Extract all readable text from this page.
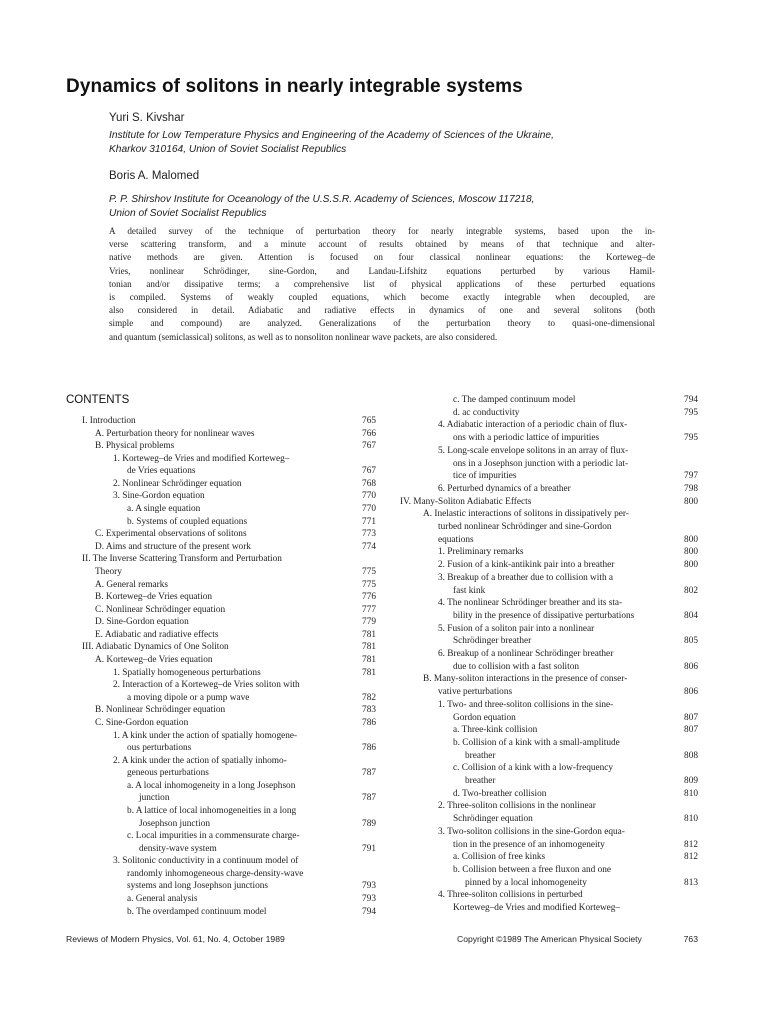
Dynamics of solitons in nearly integrable systems
Yuri S. Kivshar
Institute for Low Temperature Physics and Engineering of the Academy of Sciences of the Ukraine,
Kharkov 310164, Union of Soviet Socialist Republics
Boris A. Malomed
P. P. Shirshov Institute for Oceanology of the U.S.S.R. Academy of Sciences, Moscow 117218,
Union of Soviet Socialist Republics
A detailed survey of the technique of perturbation theory for nearly integrable systems, based upon the in-
verse scattering transform, and a minute account of results obtained by means of that technique and alter-
native methods are given. Attention is focused on four classical nonlinear equations: the Korteweg–de
Vries, nonlinear Schrödinger, sine-Gordon, and Landau-Lifshitz equations perturbed by various Hamil-
tonian and/or dissipative terms; a comprehensive list of physical applications of these perturbed equations
is compiled. Systems of weakly coupled equations, which become exactly integrable when decoupled, are
also considered in detail. Adiabatic and radiative effects in dynamics of one and several solitons (both
simple and compound) are analyzed. Generalizations of the perturbation theory to quasi-one-dimensional
and quantum (semiclassical) solitons, as well as to nonsoliton nonlinear wave packets, are also considered.
CONTENTS
I. Introduction	765
A. Perturbation theory for nonlinear waves	766
B. Physical problems	767
1. Korteweg–de Vries and modified Korteweg–
de Vries equations	767
2. Nonlinear Schrödinger equation	768
3. Sine-Gordon equation	770
a. A single equation	770
b. Systems of coupled equations	771
C. Experimental observations of solitons	773
D. Aims and structure of the present work	774
II. The Inverse Scattering Transform and Perturbation
Theory	775
A. General remarks	775
B. Korteweg–de Vries equation	776
C. Nonlinear Schrödinger equation	777
D. Sine-Gordon equation	779
E. Adiabatic and radiative effects	781
III. Adiabatic Dynamics of One Soliton	781
A. Korteweg–de Vries equation	781
1. Spatially homogeneous perturbations	781
2. Interaction of a Korteweg–de Vries soliton with
a moving dipole or a pump wave	782
B. Nonlinear Schrödinger equation	783
C. Sine-Gordon equation	786
1. A kink under the action of spatially homogene-
ous perturbations	786
2. A kink under the action of spatially inhomo-
geneous perturbations	787
a. A local inhomogeneity in a long Josephson
junction	787
b. A lattice of local inhomogeneities in a long
Josephson junction	789
c. Local impurities in a commensurate charge-
density-wave system	791
3. Solitonic conductivity in a continuum model of
randomly inhomogeneous charge-density-wave
systems and long Josephson junctions	793
a. General analysis	793
b. The overdamped continuum model	794
c. The damped continuum model	794
d. ac conductivity	795
4. Adiabatic interaction of a periodic chain of flux-
ons with a periodic lattice of impurities	795
5. Long-scale envelope solitons in an array of flux-
ons in a Josephson junction with a periodic lat-
tice of impurities	797
6. Perturbed dynamics of a breather	798
IV. Many-Soliton Adiabatic Effects	800
A. Inelastic interactions of solitons in dissipatively per-
turbed nonlinear Schrödinger and sine-Gordon
equations	800
1. Preliminary remarks	800
2. Fusion of a kink-antikink pair into a breather	800
3. Breakup of a breather due to collision with a
fast kink	802
4. The nonlinear Schrödinger breather and its sta-
bility in the presence of dissipative perturbations	804
5. Fusion of a soliton pair into a nonlinear
Schrödinger breather	805
6. Breakup of a nonlinear Schrödinger breather
due to collision with a fast soliton	806
B. Many-soliton interactions in the presence of conser-
vative perturbations	806
1. Two- and three-soliton collisions in the sine-
Gordon equation	807
a. Three-kink collision	807
b. Collision of a kink with a small-amplitude
breather	808
c. Collision of a kink with a low-frequency
breather	809
d. Two-breather collision	810
2. Three-soliton collisions in the nonlinear
Schrödinger equation	810
3. Two-soliton collisions in the sine-Gordon equa-
tion in the presence of an inhomogeneity	812
a. Collision of free kinks	812
b. Collision between a free fluxon and one
pinned by a local inhomogeneity	813
4. Three-soliton collisions in perturbed
Korteweg–de Vries and modified Korteweg–
Reviews of Modern Physics, Vol. 61, No. 4, October 1989	Copyright ©1989 The American Physical Society	763
